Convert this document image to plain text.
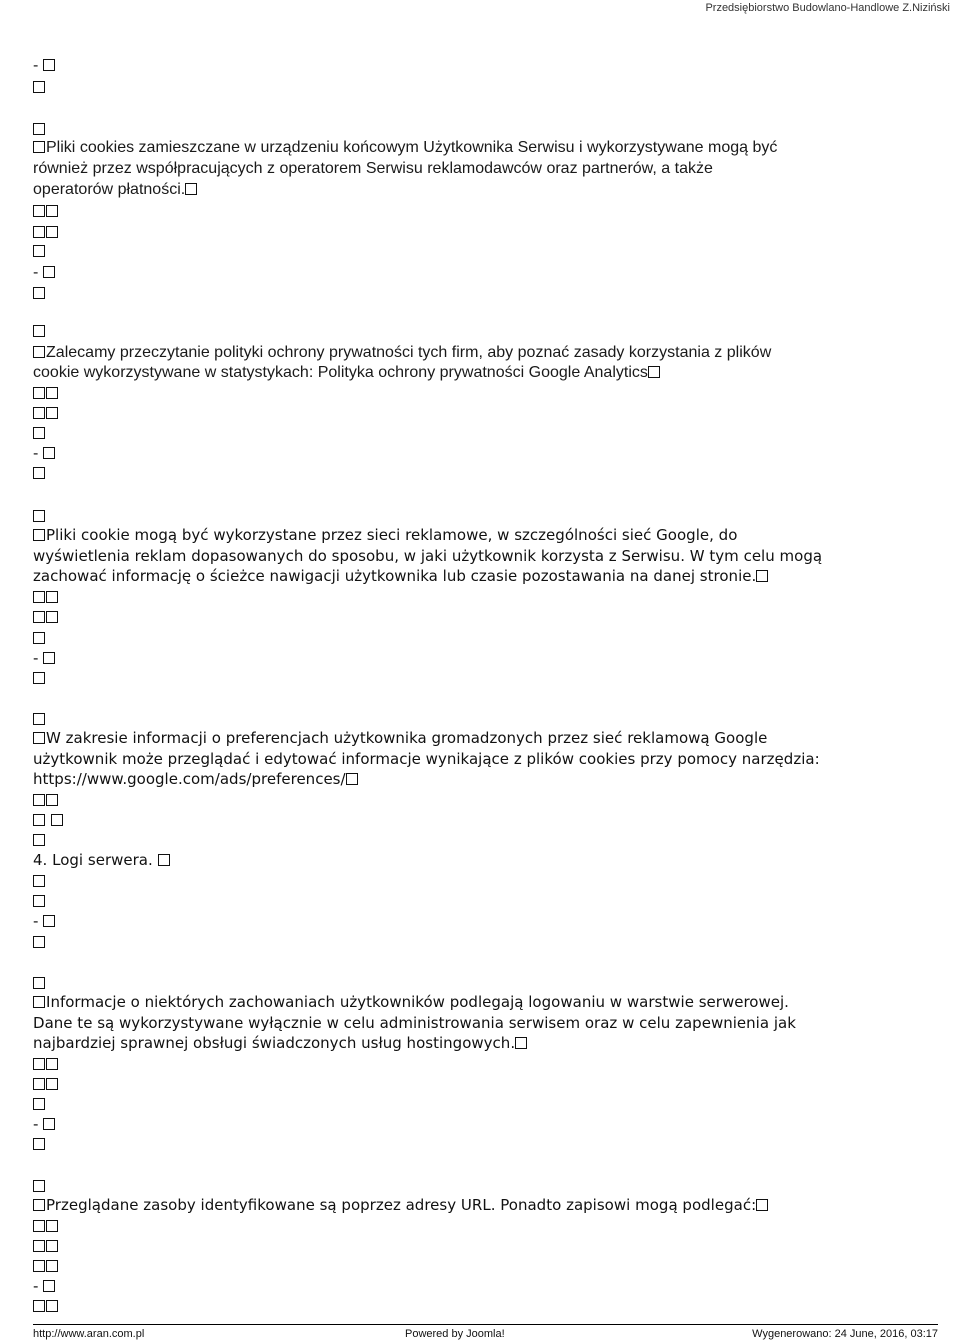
Przedsiębiorstwo Budowlano-Handlowe Z.Niziński
-
Pliki cookies zamieszczane w urządzeniu końcowym Użytkownika Serwisu i wykorzystywane mogą być
również przez współpracujących z operatorem Serwisu reklamodawców oraz partnerów, a także
operatorów płatności.
-
Zalecamy przeczytanie polityki ochrony prywatności tych firm, aby poznać zasady korzystania z plików
cookie wykorzystywane w statystykach: Polityka ochrony prywatności Google Analytics
-
Pliki cookie mogą być wykorzystane przez sieci reklamowe, w szczególności sieć Google, do
wyświetlenia reklam dopasowanych do sposobu, w jaki użytkownik korzysta z Serwisu. W tym celu mogą
zachować informację o ścieżce nawigacji użytkownika lub czasie pozostawania na danej stronie.
-
W zakresie informacji o preferencjach użytkownika gromadzonych przez sieć reklamową Google
użytkownik może przeglądać i edytować informacje wynikające z plików cookies przy pomocy narzędzia:
https://www.google.com/ads/preferences/

4. Logi serwera.
-
Informacje o niektórych zachowaniach użytkowników podlegają logowaniu w warstwie serwerowej.
Dane te są wykorzystywane wyłącznie w celu administrowania serwisem oraz w celu zapewnienia jak
najbardziej sprawnej obsługi świadczonych usług hostingowych.
-
Przeglądane zasoby identyfkowane są poprzez adresy URL. Ponadto zapisowi mogą podlegać:
-
http://www.aran.com.pl	Powered by Joomla!	Wygenerowano: 24 June, 2016, 03:17
